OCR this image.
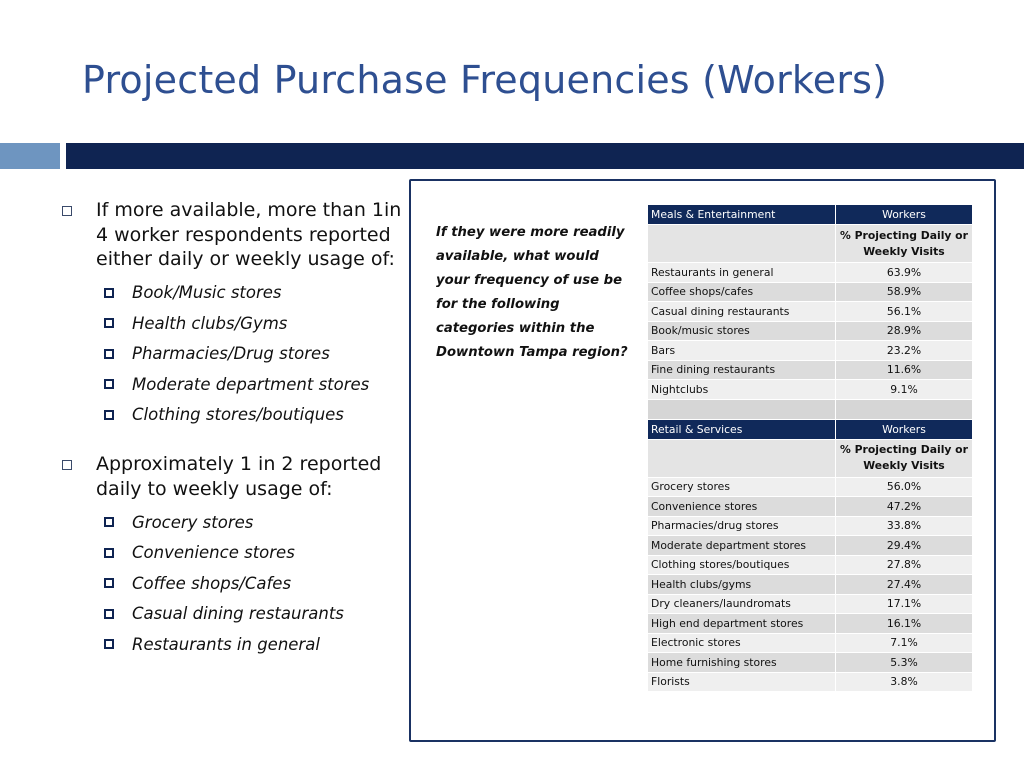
Projected Purchase Frequencies (Workers)
If more available, more than 1in 4 worker respondents reported either daily or weekly usage of:
Book/Music stores
Health clubs/Gyms
Pharmacies/Drug stores
Moderate department stores
Clothing stores/boutiques
Approximately 1 in 2 reported daily to weekly usage of:
Grocery stores
Convenience stores
Coffee shops/Cafes
Casual dining restaurants
Restaurants in general

If they were more readily available, what would your frequency of use be for the following categories within the Downtown Tampa region?

Meals & Entertainment	Workers
	% Projecting Daily or Weekly Visits
Restaurants in general	63.9%
Coffee shops/cafes	58.9%
Casual dining restaurants	56.1%
Book/music stores	28.9%
Bars	23.2%
Fine dining restaurants	11.6%
Nightclubs	9.1%

Retail & Services	Workers
	% Projecting Daily or Weekly Visits
Grocery stores	56.0%
Convenience stores	47.2%
Pharmacies/drug stores	33.8%
Moderate department stores	29.4%
Clothing stores/boutiques	27.8%
Health clubs/gyms	27.4%
Dry cleaners/laundromats	17.1%
High end department stores	16.1%
Electronic stores	7.1%
Home furnishing stores	5.3%
Florists	3.8%
